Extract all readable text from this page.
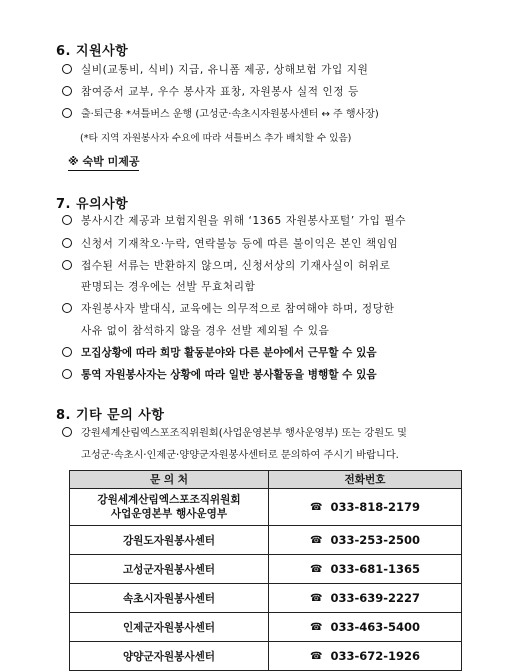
6. 지원사항
실비(교통비, 식비) 지급, 유니폼 제공, 상해보험 가입 지원
참여증서 교부, 우수 봉사자 표창, 자원봉사 실적 인정 등
출·퇴근용 *셔틀버스 운행 (고성군·속초시자원봉사센터 ↔ 주 행사장)
(*타 지역 자원봉사자 수요에 따라 셔틀버스 추가 배치할 수 있음)
※ 숙박 미제공
7. 유의사항
봉사시간 제공과 보험지원을 위해 ‘1365 자원봉사포털’ 가입 필수
신청서 기재착오·누락, 연락불능 등에 따른 불이익은 본인 책임임
접수된 서류는 반환하지 않으며, 신청서상의 기재사실이 허위로
판명되는 경우에는 선발 무효처리함
자원봉사자 발대식, 교육에는 의무적으로 참여해야 하며, 정당한
사유 없이 참석하지 않을 경우 선발 제외될 수 있음
모집상황에 따라 희망 활동분야와 다른 분야에서 근무할 수 있음
통역 자원봉사자는 상황에 따라 일반 봉사활동을 병행할 수 있음
8. 기타 문의 사항
강원세계산림엑스포조직위원회(사업운영본부 행사운영부) 또는 강원도 및
고성군·속초시·인제군·양양군자원봉사센터로 문의하여 주시기 바랍니다.
문 의 처	전화번호
강원세계산림엑스포조직위원회
사업운영본부 행사운영부	☎ 033-818-2179
강원도자원봉사센터	☎ 033-253-2500
고성군자원봉사센터	☎ 033-681-1365
속초시자원봉사센터	☎ 033-639-2227
인제군자원봉사센터	☎ 033-463-5400
양양군자원봉사센터	☎ 033-672-1926
